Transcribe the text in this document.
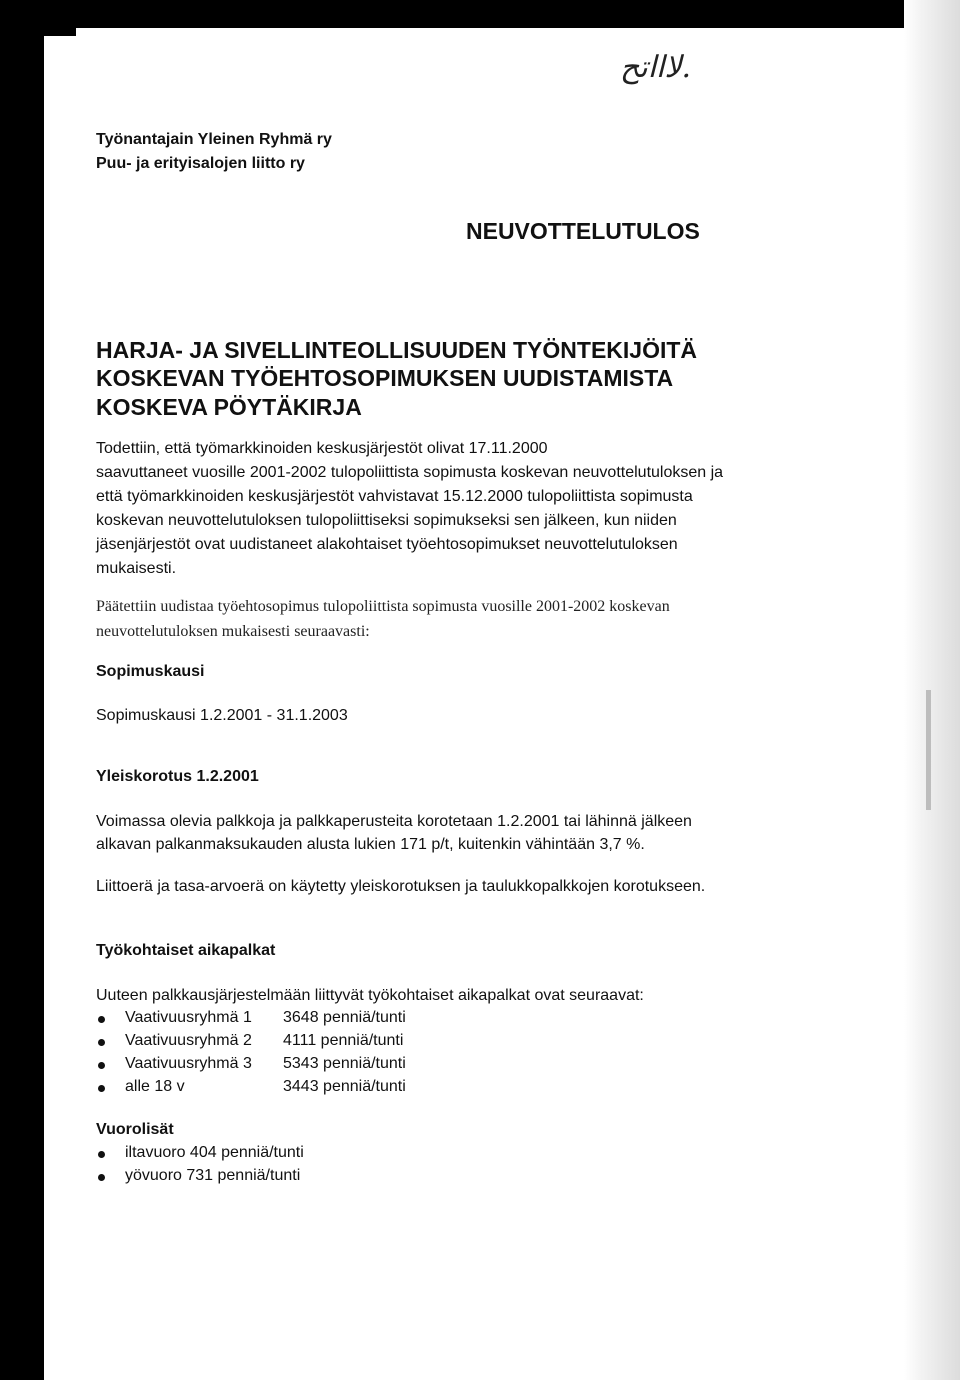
لاااتح.
Työnantajain Yleinen Ryhmä ry
Puu- ja erityisalojen liitto ry
NEUVOTTELUTULOS
HARJA- JA SIVELLINTEOLLISUUDEN TYÖNTEKIJÖITÄ
KOSKEVAN TYÖEHTOSOPIMUKSEN UUDISTAMISTA
KOSKEVA PÖYTÄKIRJA
Todettiin, että työmarkkinoiden keskusjärjestöt olivat 17.11.2000
saavuttaneet vuosille 2001-2002 tulopoliittista sopimusta koskevan neuvottelutuloksen ja
että työmarkkinoiden keskusjärjestöt vahvistavat 15.12.2000 tulopoliittista sopimusta
koskevan neuvottelutuloksen tulopoliittiseksi sopimukseksi sen jälkeen, kun niiden
jäsenjärjestöt ovat uudistaneet alakohtaiset työehtosopimukset neuvottelutuloksen
mukaisesti.
Päätettiin uudistaa työehtosopimus tulopoliittista sopimusta vuosille 2001-2002 koskevan
neuvottelutuloksen mukaisesti seuraavasti:
Sopimuskausi
Sopimuskausi 1.2.2001 - 31.1.2003
Yleiskorotus 1.2.2001
Voimassa olevia palkkoja ja palkkaperusteita korotetaan 1.2.2001 tai lähinnä jälkeen
alkavan palkanmaksukauden alusta lukien 171 p/t, kuitenkin vähintään 3,7 %.
Liittoerä ja tasa-arvoerä on käytetty yleiskorotuksen ja taulukkopalkkojen korotukseen.
Työkohtaiset aikapalkat
Uuteen palkkausjärjestelmään liittyvät työkohtaiset aikapalkat ovat seuraavat:
Vaativuusryhmä 1 3648 penniä/tunti
Vaativuusryhmä 2 4111 penniä/tunti
Vaativuusryhmä 3 5343 penniä/tunti
alle 18 v	3443 penniä/tunti
Vuorolisät
iltavuoro 404 penniä/tunti
yövuoro 731 penniä/tunti
